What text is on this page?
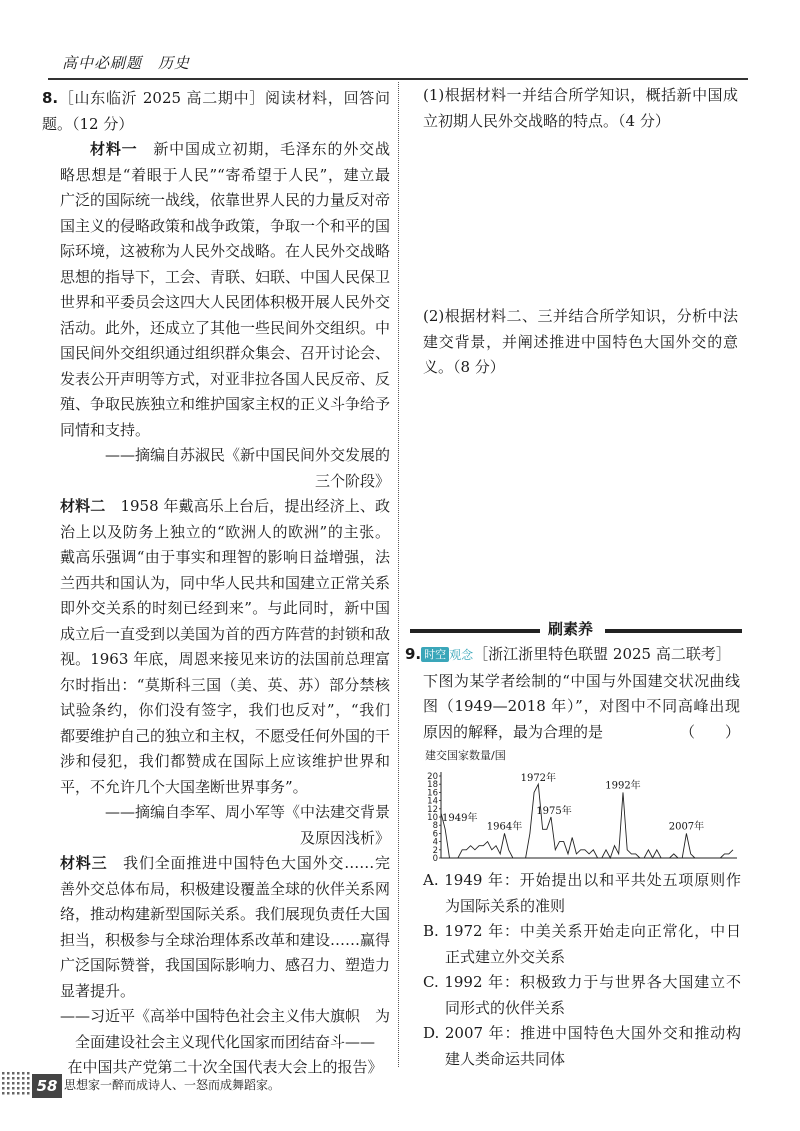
高中必刷题　历史

8.［山东临沂 2025 高二期中］阅读材料，回答问题。（12 分）

材料一　 新中国成立初期，毛泽东的外交战略思想是“着眼于人民”“寄希望于人民”，建立最广泛的国际统一战线，依靠世界人民的力量反对帝国主义的侵略政策和战争政策，争取一个和平的国际环境，这被称为人民外交战略。在人民外交战略思想的指导下，工会、青联、妇联、中国人民保卫世界和平委员会这四大人民团体积极开展人民外交活动。此外，还成立了其他一些民间外交组织。中国民间外交组织通过组织群众集会、召开讨论会、发表公开声明等方式，对亚非拉各国人民反帝、反殖、争取民族独立和维护国家主权的正义斗争给予同情和支持。

——摘编自苏淑民《新中国民间外交发展的

三个阶段》

材料二　 1958 年戴高乐上台后，提出经济上、政治上以及防务上独立的“欧洲人的欧洲”的主张。戴高乐强调“由于事实和理智的影响日益增强，法兰西共和国认为，同中华人民共和国建立正常关系即外交关系的时刻已经到来”。与此同时，新中国成立后一直受到以美国为首的西方阵营的封锁和敌视。1963 年底，周恩来接见来访的法国前总理富尔时指出：“莫斯科三国（美、英、苏）部分禁核试验条约，你们没有签字，我们也反对”，“我们都要维护自己的独立和主权，不愿受任何外国的干涉和侵犯，我们都赞成在国际上应该维护世界和平，不允许几个大国垄断世界事务”。

——摘编自李军、周小军等《中法建交背景

及原因浅析》

材料三　 我们全面推进中国特色大国外交……完善外交总体布局，积极建设覆盖全球的伙伴关系网络，推动构建新型国际关系。我们展现负责任大国担当，积极参与全球治理体系改革和建设……赢得广泛国际赞誉，我国国际影响力、感召力、塑造力显著提升。

——习近平《高举中国特色社会主义伟大旗帜　为

全面建设社会主义现代化国家而团结奋斗——

在中国共产党第二十次全国代表大会上的报告》

(1)根据材料一并结合所学知识，概括新中国成立初期人民外交战略的特点。（4 分）

(2)根据材料二、三并结合所学知识，分析中法建交背景，并阐述推进中国特色大国外交的意义。（8 分）

刷素养

9. 时空 观念［浙江浙里特色联盟 2025 高二联考］

下图为某学者绘制的“中国与外国建交状况曲线图（1949—2018 年）”，对图中不同高峰出现原因的解释，最为合理的是	（　　）

建交国家数量/国
20
18
16
14
12
10
8
6
4
2
0
1949年
1964年
1972年
1975年
1992年
2007年

A. 1949 年：开始提出以和平共处五项原则作为国际关系的准则

B. 1972 年：中美关系开始走向正常化，中日正式建立外交关系

C. 1992 年：积极致力于与世界各大国建立不同形式的伙伴关系

D. 2007 年：推进中国特色大国外交和推动构建人类命运共同体

58 思想家一醉而成诗人、一怒而成舞蹈家。
